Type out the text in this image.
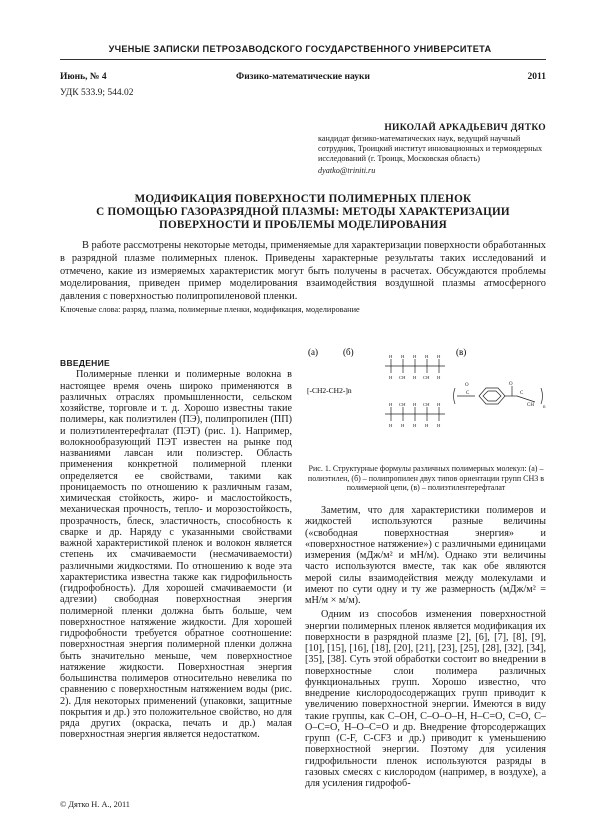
УЧЕНЫЕ ЗАПИСКИ ПЕТРОЗАВОДСКОГО ГОСУДАРСТВЕННОГО УНИВЕРСИТЕТА
Июнь, № 4	Физико-математические науки	2011
УДК 533.9; 544.02
НИКОЛАЙ АРКАДЬЕВИЧ ДЯТКО
кандидат физико-математических наук, ведущий научный сотрудник, Троицкий институт инновационных и термоядерных исследований (г. Троицк, Московская область)
dyatko@triniti.ru
МОДИФИКАЦИЯ ПОВЕРХНОСТИ ПОЛИМЕРНЫХ ПЛЕНОК
С ПОМОЩЬЮ ГАЗОРАЗРЯДНОЙ ПЛАЗМЫ: МЕТОДЫ ХАРАКТЕРИЗАЦИИ
ПОВЕРХНОСТИ И ПРОБЛЕМЫ МОДЕЛИРОВАНИЯ

В работе рассмотрены некоторые методы, применяемые для характеризации поверхности обработанных в разрядной плазме полимерных пленок. Приведены характерные результаты таких исследований и отмечено, какие из измеряемых характеристик могут быть получены в расчетах. Обсуждаются проблемы моделирования, приведен пример моделирования взаимодействия воздушной плазмы атмосферного давления с поверхностью полипропиленовой пленки.

Ключевые слова: разряд, плазма, полимерные пленки, модификация, моделирование

ВВЕДЕНИЕ

Полимерные пленки и полимерные волокна в настоящее время очень широко применяются в различных отраслях промышленности, сельском хозяйстве, торговле и т. д. Хорошо известны такие полимеры, как полиэтилен (ПЭ), полипропилен (ПП) и полиэтилентерефталат (ПЭТ) (рис. 1). Например, волокнообразующий ПЭТ известен на рынке под названиями лавсан или полиэстер. Область применения конкретной полимерной пленки определяется ее свойствами, такими как проницаемость по отношению к различным газам, химическая стойкость, жиро- и маслостойкость, механическая прочность, тепло- и морозостойкость, прозрачность, блеск, эластичность, способность к сварке и др. Наряду с указанными свойствами важной характеристикой пленок и волокон является степень их смачиваемости (несмачиваемости) различными жидкостями. По отношению к воде эта характеристика известна также как гидрофильность (гидрофобность). Для хорошей смачиваемости (и адгезии) свободная поверхностная энергия полимерной пленки должна быть больше, чем поверхностное натяжение жидкости. Для хорошей гидрофобности требуется обратное соотношение: поверхностная энергия полимерной пленки должна быть значительно меньше, чем поверхностное натяжение жидкости. Поверхностная энергия большинства полимеров относительно невелика по сравнению с поверхностным натяжением воды (рис. 2). Для некоторых применений (упаковки, защитные покрытия и др.) это положительное свойство, но для ряда других (окраска, печать и др.) малая поверхностная энергия является недостатком.

© Дятко Н. А., 2011
(а)	(б)	(в)
[-CH2-CH2-]n
H H H H H
H CH H CH H
H CH H CH H
H H H H H
C
O	O
C
CH n
Рис. 1. Структурные формулы различных полимерных молекул: (а) – полиэтилен, (б) – полипропилен двух типов ориентации групп CH3 в полимерной цепи, (в) – полиэтилентерефталат

Заметим, что для характеристики полимеров и жидкостей используются разные величины («свободная поверхностная энергия» и «поверхностное натяжение») с различными единицами измерения (мДж/м² и мН/м). Однако эти величины часто используются вместе, так как обе являются мерой силы взаимодействия между молекулами и имеют по сути одну и ту же размерность (мДж/м² = мН/м × м/м).

Одним из способов изменения поверхностной энергии полимерных пленок является модификация их поверхности в разрядной плазме [2], [6], [7], [8], [9], [10], [15], [16], [18], [20], [21], [23], [25], [28], [32], [34], [35], [38]. Суть этой обработки состоит во внедрении в поверхностные слои полимера различных функциональных групп. Хорошо известно, что внедрение кислородосодержащих групп приводит к увеличению поверхностной энергии. Имеются в виду такие группы, как С–ОН, С–О–О–Н, Н–С=О, С=О, С–О–С=О, Н–О–С=О и др. Внедрение фторсодержащих групп (C-F, C-CF3 и др.) приводит к уменьшению поверхностной энергии. Поэтому для усиления гидрофильности пленок используются разряды в газовых смесях с кислородом (например, в воздухе), а для усиления гидрофоб-
